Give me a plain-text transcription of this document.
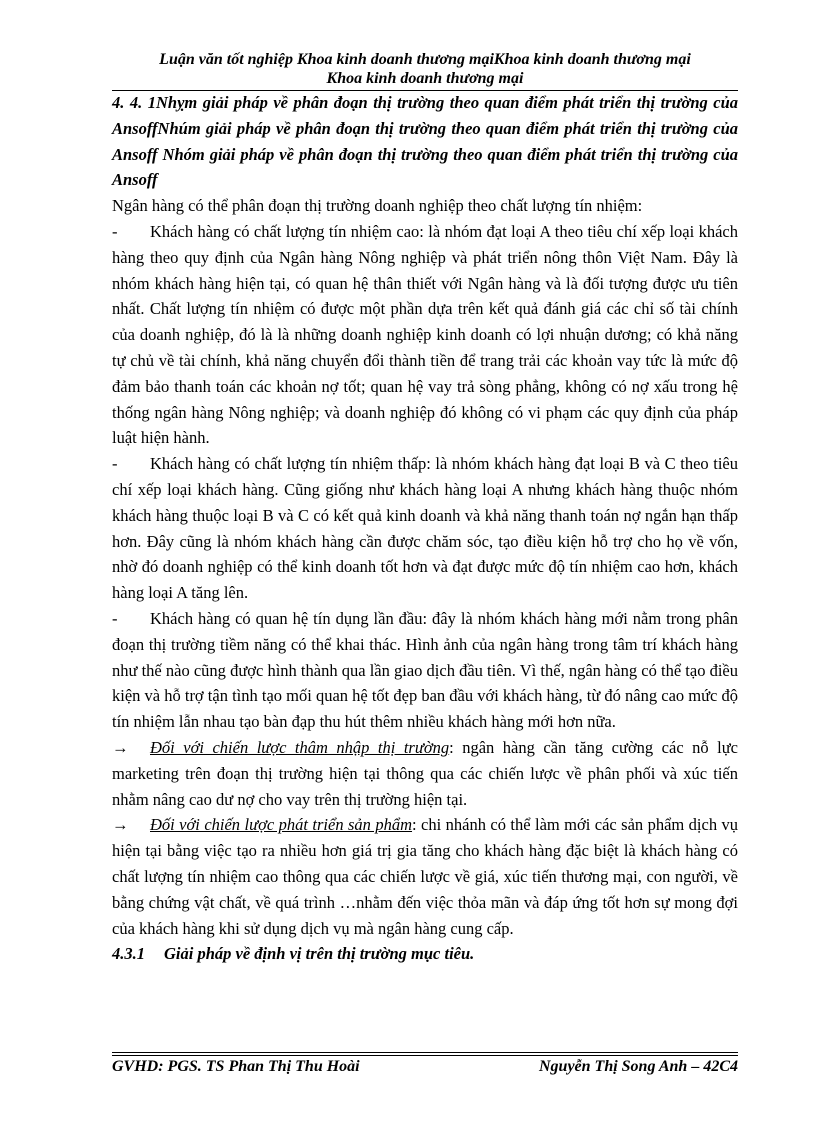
Luận văn tốt nghiệp Khoa kinh doanh thương mạiKhoa kinh doanh thương mại
Khoa kinh doanh thương mại

4. 4. 1Nhỵm giải pháp về phân đoạn thị trường theo quan điểm phát triển thị trường của AnsoffNhúm giải pháp về phân đoạn thị trường theo quan điểm phát triển thị trường của Ansoff Nhóm giải pháp về phân đoạn thị trường theo quan điểm phát triển thị trường của Ansoff

Ngân hàng có thể phân đoạn thị trường doanh nghiệp theo chất lượng tín nhiệm:

- Khách hàng có chất lượng tín nhiệm cao: là nhóm đạt loại A theo tiêu chí xếp loại khách hàng theo quy định của Ngân hàng Nông nghiệp và phát triển nông thôn Việt Nam. Đây là nhóm khách hàng hiện tại, có quan hệ thân thiết với Ngân hàng và là đối tượng được ưu tiên nhất. Chất lượng tín nhiệm có được một phần dựa trên kết quả đánh giá các chỉ số tài chính của doanh nghiệp, đó là là những doanh nghiệp kinh doanh có lợi nhuận dương; có khả năng tự chủ về tài chính, khả năng chuyển đổi thành tiền để trang trải các khoản vay tức là mức độ đảm bảo thanh toán các khoản nợ tốt; quan hệ vay trả sòng phẳng, không có nợ xấu trong hệ thống ngân hàng Nông nghiệp; và doanh nghiệp đó không có vi phạm các quy định của pháp luật hiện hành.

- Khách hàng có chất lượng tín nhiệm thấp: là nhóm khách hàng đạt loại B và C theo tiêu chí xếp loại khách hàng. Cũng giống như khách hàng loại A nhưng khách hàng thuộc nhóm khách hàng thuộc loại B và C có kết quả kinh doanh và khả năng thanh toán nợ ngắn hạn thấp hơn. Đây cũng là nhóm khách hàng cần được chăm sóc, tạo điều kiện hỗ trợ cho họ về vốn, nhờ đó doanh nghiệp có thể kinh doanh tốt hơn và đạt được mức độ tín nhiệm cao hơn, khách hàng loại A tăng lên.

- Khách hàng có quan hệ tín dụng lần đầu: đây là nhóm khách hàng mới nằm trong phân đoạn thị trường tiềm năng có thể khai thác. Hình ảnh của ngân hàng trong tâm trí khách hàng như thế nào cũng được hình thành qua lần giao dịch đầu tiên. Vì thế, ngân hàng có thể tạo điều kiện và hỗ trợ tận tình tạo mối quan hệ tốt đẹp ban đầu với khách hàng, từ đó nâng cao mức độ tín nhiệm lẫn nhau tạo bàn đạp thu hút thêm nhiều khách hàng mới hơn nữa.

→ Đối với chiến lược thâm nhập thị trường: ngân hàng cần tăng cường các nỗ lực marketing trên đoạn thị trường hiện tại thông qua các chiến lược về phân phối và xúc tiến nhằm nâng cao dư nợ cho vay trên thị trường hiện tại.

→ Đối với chiến lược phát triển sản phẩm: chi nhánh có thể làm mới các sản phẩm dịch vụ hiện tại bằng việc tạo ra nhiều hơn giá trị gia tăng cho khách hàng đặc biệt là khách hàng có chất lượng tín nhiệm cao thông qua các chiến lược về giá, xúc tiến thương mại, con người, về bằng chứng vật chất, về quá trình …nhằm đến việc thỏa mãn và đáp ứng tốt hơn sự mong đợi của khách hàng khi sử dụng dịch vụ mà ngân hàng cung cấp.

4.3.1 Giải pháp về định vị trên thị trường mục tiêu.

GVHD: PGS. TS Phan Thị Thu Hoài	Nguyễn Thị Song Anh – 42C4
